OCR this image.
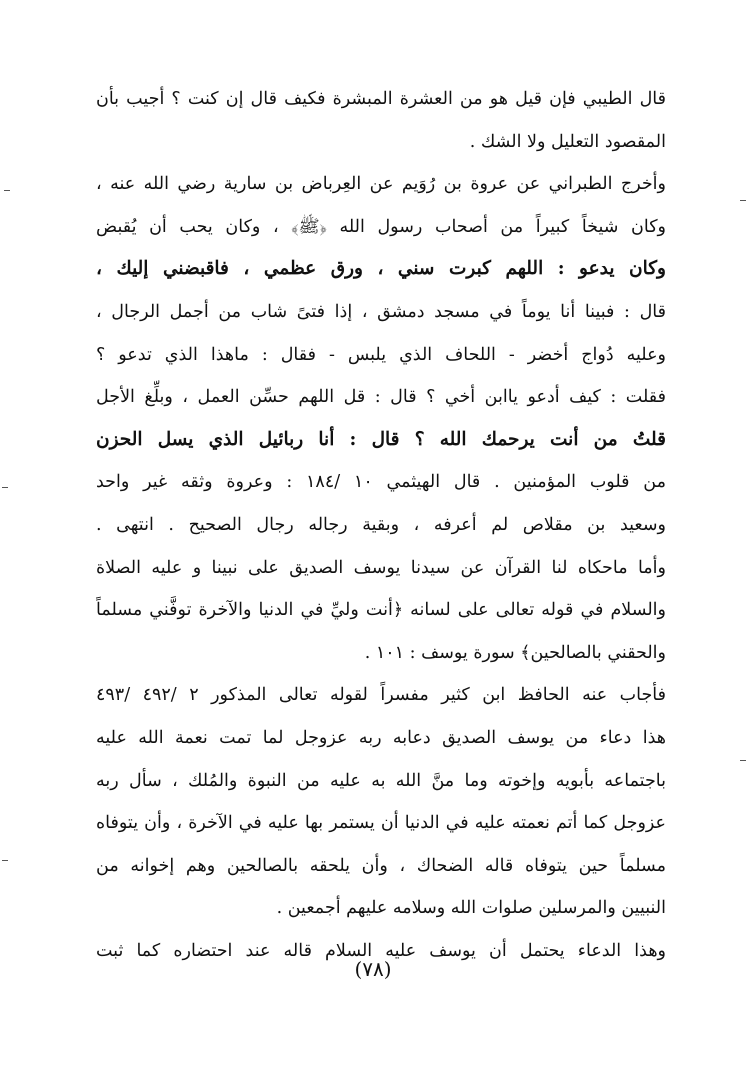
قال الطيبي فإن قيل هو من العشرة المبشرة فكيف قال إن كنت ؟ أجيب بأن
المقصود التعليل ولا الشك .
وأخرج الطبراني عن عروة بن رُوَيم عن العِرباض بن سارية رضي الله عنه ،
وكان شيخاً كبيراً من أصحاب رسول الله ﴿ﷺ﴾ ، وكان يحب أن يُقبض
وكان يدعو : اللهم كبرت سني ، ورق عظمي ، فاقبضني إليك ،
قال : فبينا أنا يوماً في مسجد دمشق ، إذا فتىً شاب من أجمل الرجال ،
وعليه دُواج أخضر - اللحاف الذي يلبس - فقال : ماهذا الذي تدعو ؟
فقلت : كيف أدعو ياابن أخي ؟ قال : قل اللهم حسِّن العمل ، وبلِّغ الأجل
قلتُ من أنت يرحمك الله ؟ قال : أنا ربائيل الذي يسل الحزن
من قلوب المؤمنين . قال الهيثمي ١٠ /١٨٤ : وعروة وثقه غير واحد
وسعيد بن مقلاص لم أعرفه ، وبقية رجاله رجال الصحيح . انتهى .
وأما ماحكاه لنا القرآن عن سيدنا يوسف الصديق على نبينا و عليه الصلاة
والسلام في قوله تعالى على لسانه ﴿أنت وليِّ في الدنيا والآخرة توفَّني مسلماً
والحقني بالصالحين﴾ سورة يوسف : ١٠١ .
فأجاب عنه الحافظ ابن كثير مفسراً لقوله تعالى المذكور ٢ /٤٩٢ /٤٩٣
هذا دعاء من يوسف الصديق دعابه ربه عزوجل لما تمت نعمة الله عليه
باجتماعه بأبويه وإخوته وما منَّ الله به عليه من النبوة والمُلك ، سأل ربه
عزوجل كما أتم نعمته عليه في الدنيا أن يستمر بها عليه في الآخرة ، وأن يتوفاه
مسلماً حين يتوفاه قاله الضحاك ، وأن يلحقه بالصالحين وهم إخوانه من
النبيين والمرسلين صلوات الله وسلامه عليهم أجمعين .
وهذا الدعاء يحتمل أن يوسف عليه السلام قاله عند احتضاره كما ثبت
(٧٨)
